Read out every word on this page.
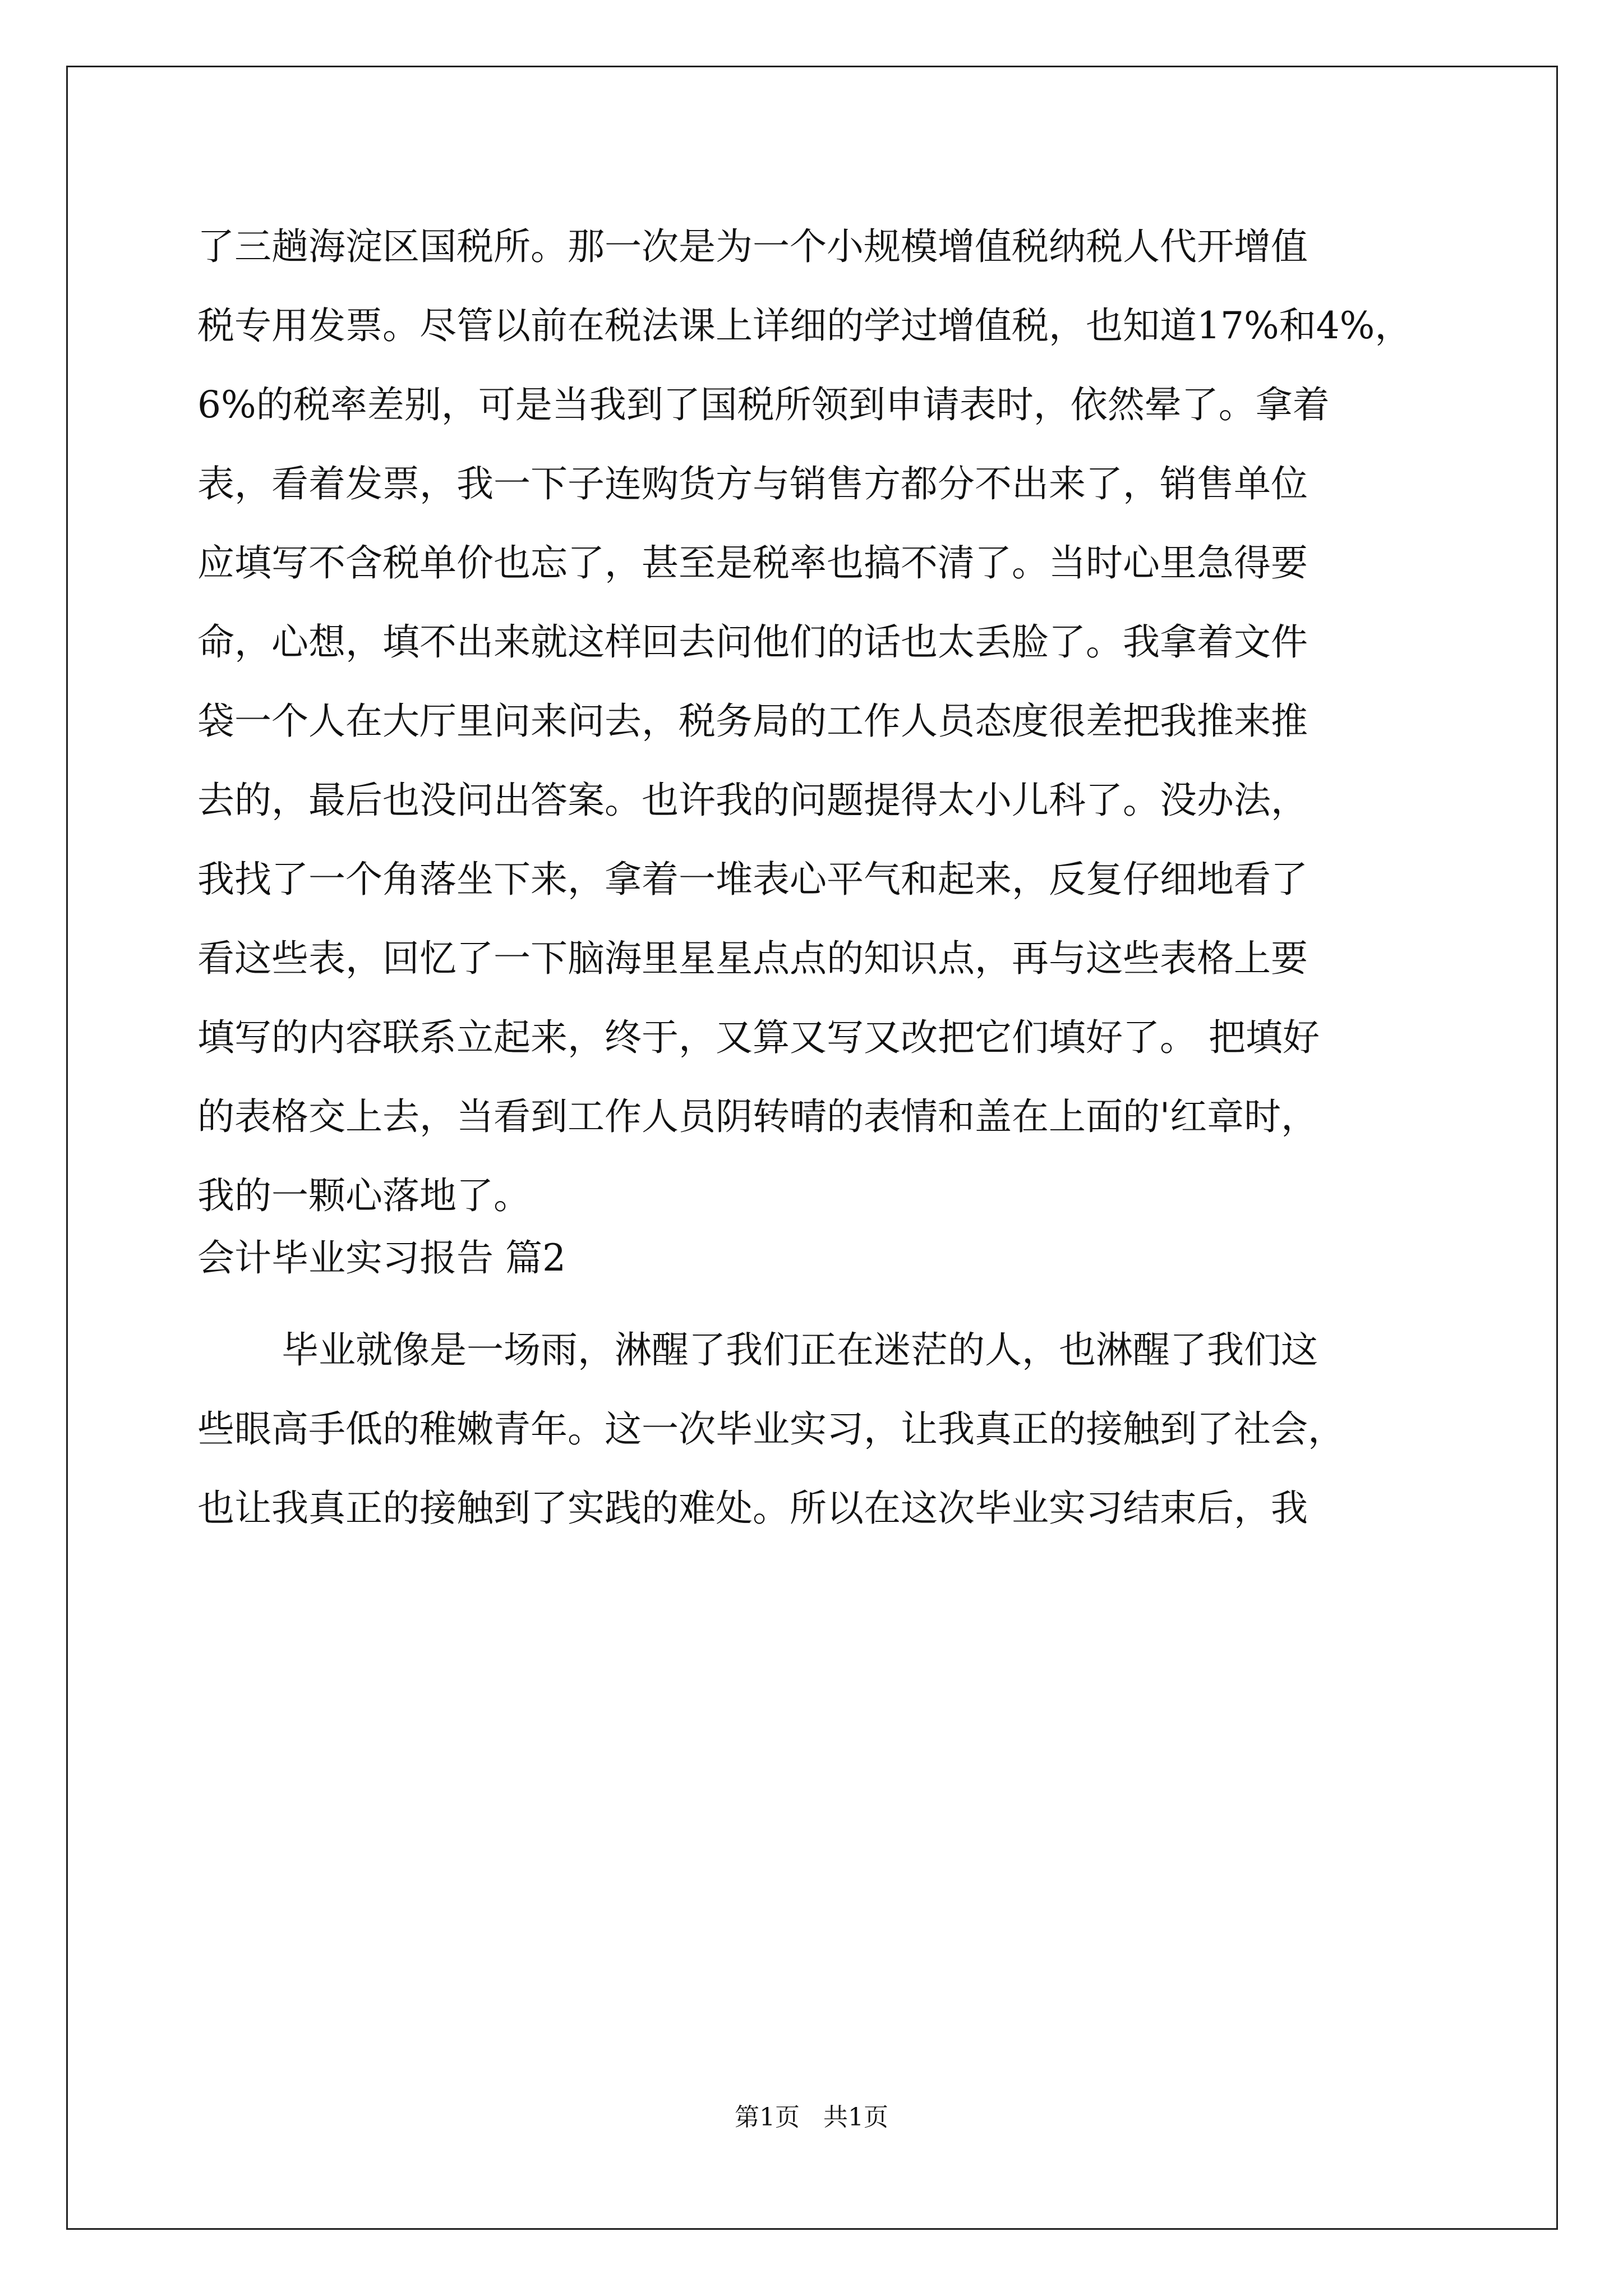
了三趟海淀区国税所。那一次是为一个小规模增值税纳税人代开增值
税专用发票。尽管以前在税法课上详细的学过增值税，也知道17%和4%，
6%的税率差别，可是当我到了国税所领到申请表时，依然晕了。拿着
表，看着发票，我一下子连购货方与销售方都分不出来了，销售单位
应填写不含税单价也忘了，甚至是税率也搞不清了。当时心里急得要
命，心想，填不出来就这样回去问他们的话也太丢脸了。我拿着文件
袋一个人在大厅里问来问去，税务局的工作人员态度很差把我推来推
去的，最后也没问出答案。也许我的问题提得太小儿科了。没办法，
我找了一个角落坐下来，拿着一堆表心平气和起来，反复仔细地看了
看这些表，回忆了一下脑海里星星点点的知识点，再与这些表格上要
填写的内容联系立起来，终于，又算又写又改把它们填好了。 把填好
的表格交上去，当看到工作人员阴转晴的表情和盖在上面的'红章时，
我的一颗心落地了。
第1页   共1页
会计毕业实习报告 篇2
毕业就像是一场雨，淋醒了我们正在迷茫的人，也淋醒了我们这
些眼高手低的稚嫩青年。这一次毕业实习，让我真正的接触到了社会，
也让我真正的接触到了实践的难处。所以在这次毕业实习结束后，我
